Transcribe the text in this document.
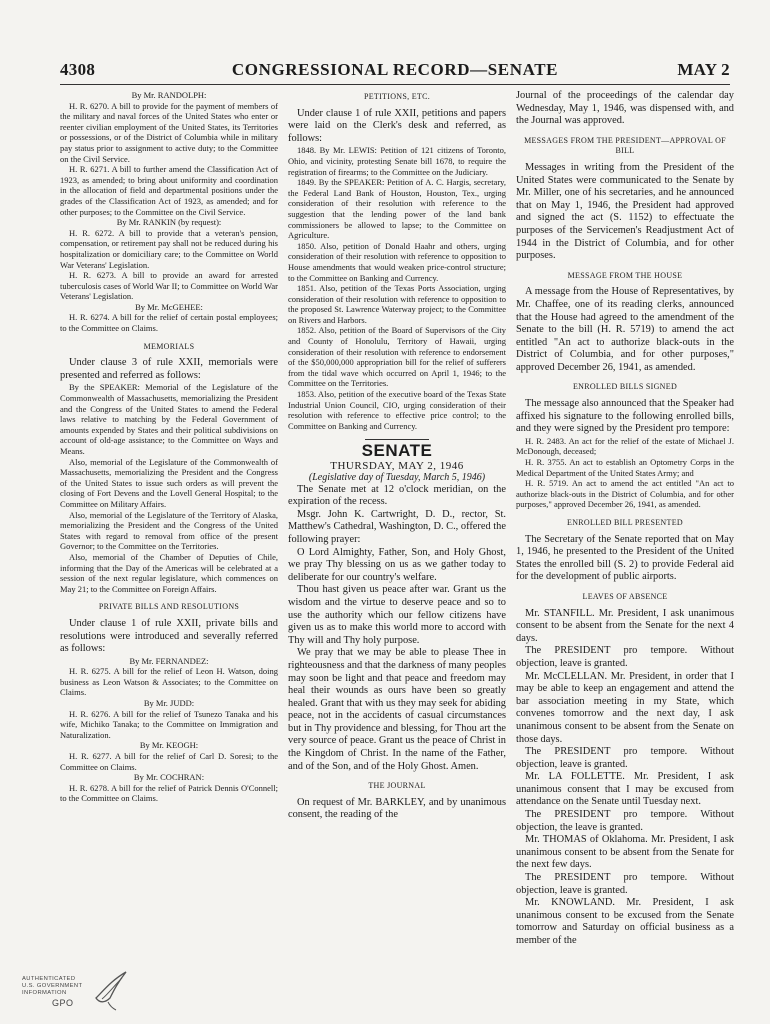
4308	CONGRESSIONAL RECORD—SENATE	MAY 2

By Mr. RANDOLPH:

H. R. 6270. A bill to provide for the payment of members of the military and naval forces of the United States who enter or reenter civilian employment of the United States, its Territories or possessions, or of the District of Columbia while in military pay status prior to assignment to active duty; to the Committee on the Civil Service.

H. R. 6271. A bill to further amend the Classification Act of 1923, as amended; to bring about uniformity and coordination in the allocation of field and departmental positions under the grades of the Classification Act of 1923, as amended; and for other purposes; to the Committee on the Civil Service.

By Mr. RANKIN (by request):

H. R. 6272. A bill to provide that a veteran's pension, compensation, or retirement pay shall not be reduced during his hospitalization or domiciliary care; to the Committee on World War Veterans' Legislation.

H. R. 6273. A bill to provide an award for arrested tuberculosis cases of World War II; to Committee on World War Veterans' Legislation.

By Mr. McGEHEE:

H. R. 6274. A bill for the relief of certain postal employees; to the Committee on Claims.

MEMORIALS

Under clause 3 of rule XXII, memorials were presented and referred as follows:

By the SPEAKER: Memorial of the Legislature of the Commonwealth of Massachusetts, memorializing the President and the Congress of the United States to amend the Federal laws relative to matching by the Federal Government of amounts expended by States and their political subdivisions on account of old-age assistance; to the Committee on Ways and Means.

Also, memorial of the Legislature of the Commonwealth of Massachusetts, memorializing the President and the Congress of the United States to issue such orders as will prevent the closing of Fort Devens and the Lovell General Hospital; to the Committee on Military Affairs.

Also, memorial of the Legislature of the Territory of Alaska, memorializing the President and the Congress of the United States with regard to removal from office of the present Governor; to the Committee on the Territories.

Also, memorial of the Chamber of Deputies of Chile, informing that the Day of the Americas will be celebrated at a session of the next regular legislature, which commences on May 21; to the Committee on Foreign Affairs.

PRIVATE BILLS AND RESOLUTIONS

Under clause 1 of rule XXII, private bills and resolutions were introduced and severally referred as follows:

By Mr. FERNANDEZ:

H. R. 6275. A bill for the relief of Leon H. Watson, doing business as Leon Watson & Associates; to the Committee on Claims.

By Mr. JUDD:

H. R. 6276. A bill for the relief of Tsunezo Tanaka and his wife, Michiko Tanaka; to the Committee on Immigration and Naturalization.

By Mr. KEOGH:

H. R. 6277. A bill for the relief of Carl D. Soresi; to the Committee on Claims.

By Mr. COCHRAN:

H. R. 6278. A bill for the relief of Patrick Dennis O'Connell; to the Committee on Claims.

PETITIONS, ETC.

Under clause 1 of rule XXII, petitions and papers were laid on the Clerk's desk and referred, as follows:

1848. By Mr. LEWIS: Petition of 121 citizens of Toronto, Ohio, and vicinity, protesting Senate bill 1678, to require the registration of firearms; to the Committee on the Judiciary.

1849. By the SPEAKER: Petition of A. C. Hargis, secretary, the Federal Land Bank of Houston, Houston, Tex., urging consideration of their resolution with reference to the suggestion that the lending power of the land bank commissioners be allowed to lapse; to the Committee on Agriculture.

1850. Also, petition of Donald Haahr and others, urging consideration of their resolution with reference to opposition to House amendments that would weaken price-control structure; to the Committee on Banking and Currency.

1851. Also, petition of the Texas Ports Association, urging consideration of their resolution with reference to opposition to the proposed St. Lawrence Waterway project; to the Committee on Rivers and Harbors.

1852. Also, petition of the Board of Supervisors of the City and County of Honolulu, Territory of Hawaii, urging consideration of their resolution with reference to endorsement of the $50,000,000 appropriation bill for the relief of sufferers from the tidal wave which occurred on April 1, 1946; to the Committee on the Territories.

1853. Also, petition of the executive board of the Texas State Industrial Union Council, CIO, urging consideration of their resolution with reference to effective price control; to the Committee on Banking and Currency.

SENATE

THURSDAY, MAY 2, 1946

(Legislative day of Tuesday, March 5, 1946)

The Senate met at 12 o'clock meridian, on the expiration of the recess.

Msgr. John K. Cartwright, D. D., rector, St. Matthew's Cathedral, Washington, D. C., offered the following prayer:

O Lord Almighty, Father, Son, and Holy Ghost, we pray Thy blessing on us as we gather today to deliberate for our country's welfare.

Thou hast given us peace after war. Grant us the wisdom and the virtue to deserve peace and so to use the authority which our fellow citizens have given us as to make this world more to accord with Thy will and Thy holy purpose.

We pray that we may be able to please Thee in righteousness and that the darkness of many peoples may soon be light and that peace and freedom may heal their wounds as ours have been so greatly healed. Grant that with us they may seek for abiding peace, not in the accidents of casual circumstances but in Thy providence and blessing, for Thou art the very source of peace. Grant us the peace of Christ in the Kingdom of Christ. In the name of the Father, and of the Son, and of the Holy Ghost. Amen.

THE JOURNAL

On request of Mr. BARKLEY, and by unanimous consent, the reading of the

Journal of the proceedings of the calendar day Wednesday, May 1, 1946, was dispensed with, and the Journal was approved.

MESSAGES FROM THE PRESIDENT—APPROVAL OF BILL

Messages in writing from the President of the United States were communicated to the Senate by Mr. Miller, one of his secretaries, and he announced that on May 1, 1946, the President had approved and signed the act (S. 1152) to effectuate the purposes of the Servicemen's Readjustment Act of 1944 in the District of Columbia, and for other purposes.

MESSAGE FROM THE HOUSE

A message from the House of Representatives, by Mr. Chaffee, one of its reading clerks, announced that the House had agreed to the amendment of the Senate to the bill (H. R. 5719) to amend the act entitled "An act to authorize black-outs in the District of Columbia, and for other purposes," approved December 26, 1941, as amended.

ENROLLED BILLS SIGNED

The message also announced that the Speaker had affixed his signature to the following enrolled bills, and they were signed by the President pro tempore:

H. R. 2483. An act for the relief of the estate of Michael J. McDonough, deceased;

H. R. 3755. An act to establish an Optometry Corps in the Medical Department of the United States Army; and

H. R. 5719. An act to amend the act entitled "An act to authorize black-outs in the District of Columbia, and for other purposes," approved December 26, 1941, as amended.

ENROLLED BILL PRESENTED

The Secretary of the Senate reported that on May 1, 1946, he presented to the President of the United States the enrolled bill (S. 2) to provide Federal aid for the development of public airports.

LEAVES OF ABSENCE

Mr. STANFILL. Mr. President, I ask unanimous consent to be absent from the Senate for the next 4 days.

The PRESIDENT pro tempore. Without objection, leave is granted.

Mr. McCLELLAN. Mr. President, in order that I may be able to keep an engagement and attend the bar association meeting in my State, which convenes tomorrow and the next day, I ask unanimous consent to be absent from the Senate on those days.

The PRESIDENT pro tempore. Without objection, leave is granted.

Mr. LA FOLLETTE. Mr. President, I ask unanimous consent that I may be excused from attendance on the Senate until Tuesday next.

The PRESIDENT pro tempore. Without objection, the leave is granted.

Mr. THOMAS of Oklahoma. Mr. President, I ask unanimous consent to be absent from the Senate for the next few days.

The PRESIDENT pro tempore. Without objection, leave is granted.

Mr. KNOWLAND. Mr. President, I ask unanimous consent to be excused from the Senate tomorrow and Saturday on official business as a member of the

AUTHENTICATED
U.S. GOVERNMENT
INFORMATION
GPO
